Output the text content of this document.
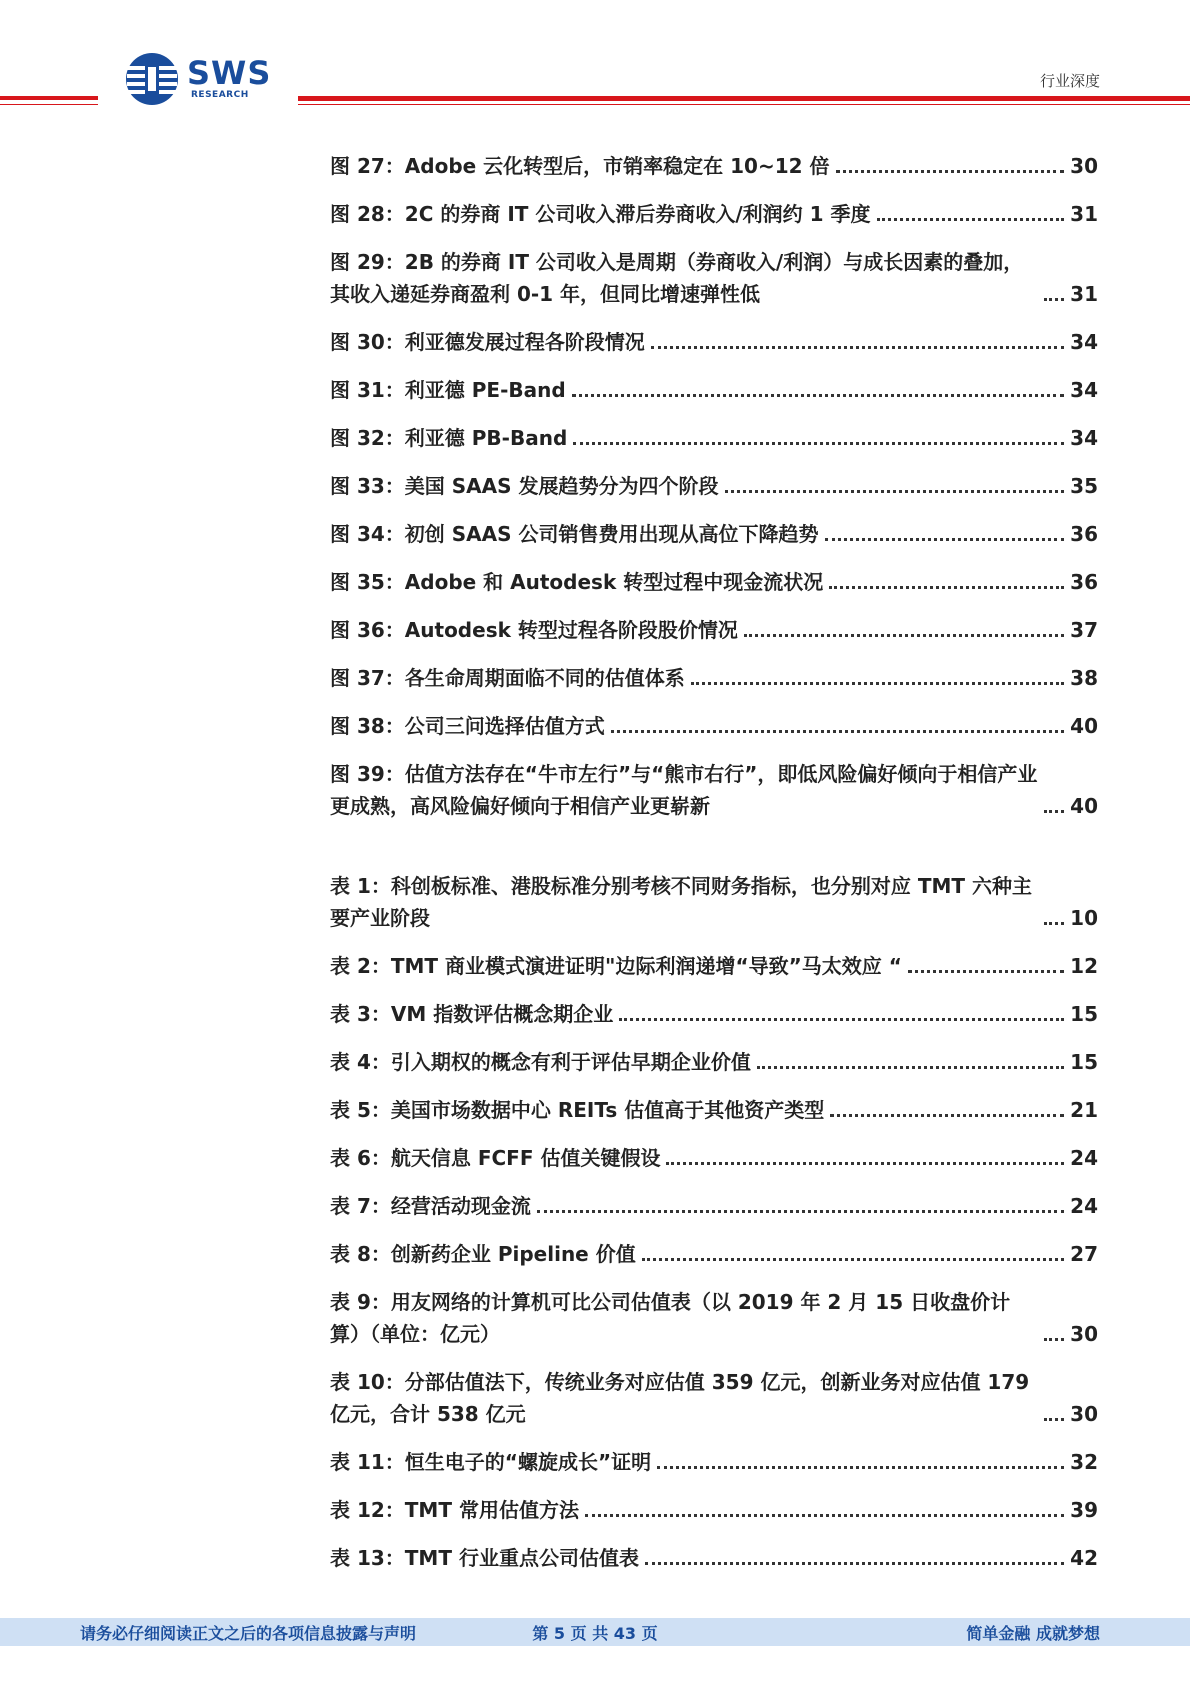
SWS
RESEARCH
行业深度
图 27：Adobe 云化转型后，市销率稳定在 10~12 倍	30
图 28：2C 的券商 IT 公司收入滞后券商收入/利润约 1 季度	31
图 29：2B 的券商 IT 公司收入是周期（券商收入/利润）与成长因素的叠加，其收入递延券商盈利 0-1 年，但同比增速弹性低	31
图 30：利亚德发展过程各阶段情况	34
图 31：利亚德 PE-Band	34
图 32：利亚德 PB-Band	34
图 33：美国 SAAS 发展趋势分为四个阶段	35
图 34：初创 SAAS 公司销售费用出现从高位下降趋势	36
图 35：Adobe 和 Autodesk 转型过程中现金流状况	36
图 36：Autodesk 转型过程各阶段股价情况	37
图 37：各生命周期面临不同的估值体系	38
图 38：公司三问选择估值方式	40
图 39：估值方法存在“牛市左行”与“熊市右行”，即低风险偏好倾向于相信产业更成熟，高风险偏好倾向于相信产业更崭新	40
表 1：科创板标准、港股标准分别考核不同财务指标，也分别对应 TMT 六种主要产业阶段	10
表 2：TMT 商业模式演进证明"边际利润递增“导致”马太效应 “	12
表 3：VM 指数评估概念期企业	15
表 4：引入期权的概念有利于评估早期企业价值	15
表 5：美国市场数据中心 REITs 估值高于其他资产类型	21
表 6：航天信息 FCFF 估值关键假设	24
表 7：经营活动现金流	24
表 8：创新药企业 Pipeline 价值	27
表 9：用友网络的计算机可比公司估值表（以 2019 年 2 月 15 日收盘价计算）（单位：亿元）	30
表 10：分部估值法下，传统业务对应估值 359 亿元，创新业务对应估值 179 亿元，合计 538 亿元	30
表 11：恒生电子的“螺旋成长”证明	32
表 12：TMT 常用估值方法	39
表 13：TMT 行业重点公司估值表	42
请务必仔细阅读正文之后的各项信息披露与声明	第 5 页 共 43 页	简单金融 成就梦想
